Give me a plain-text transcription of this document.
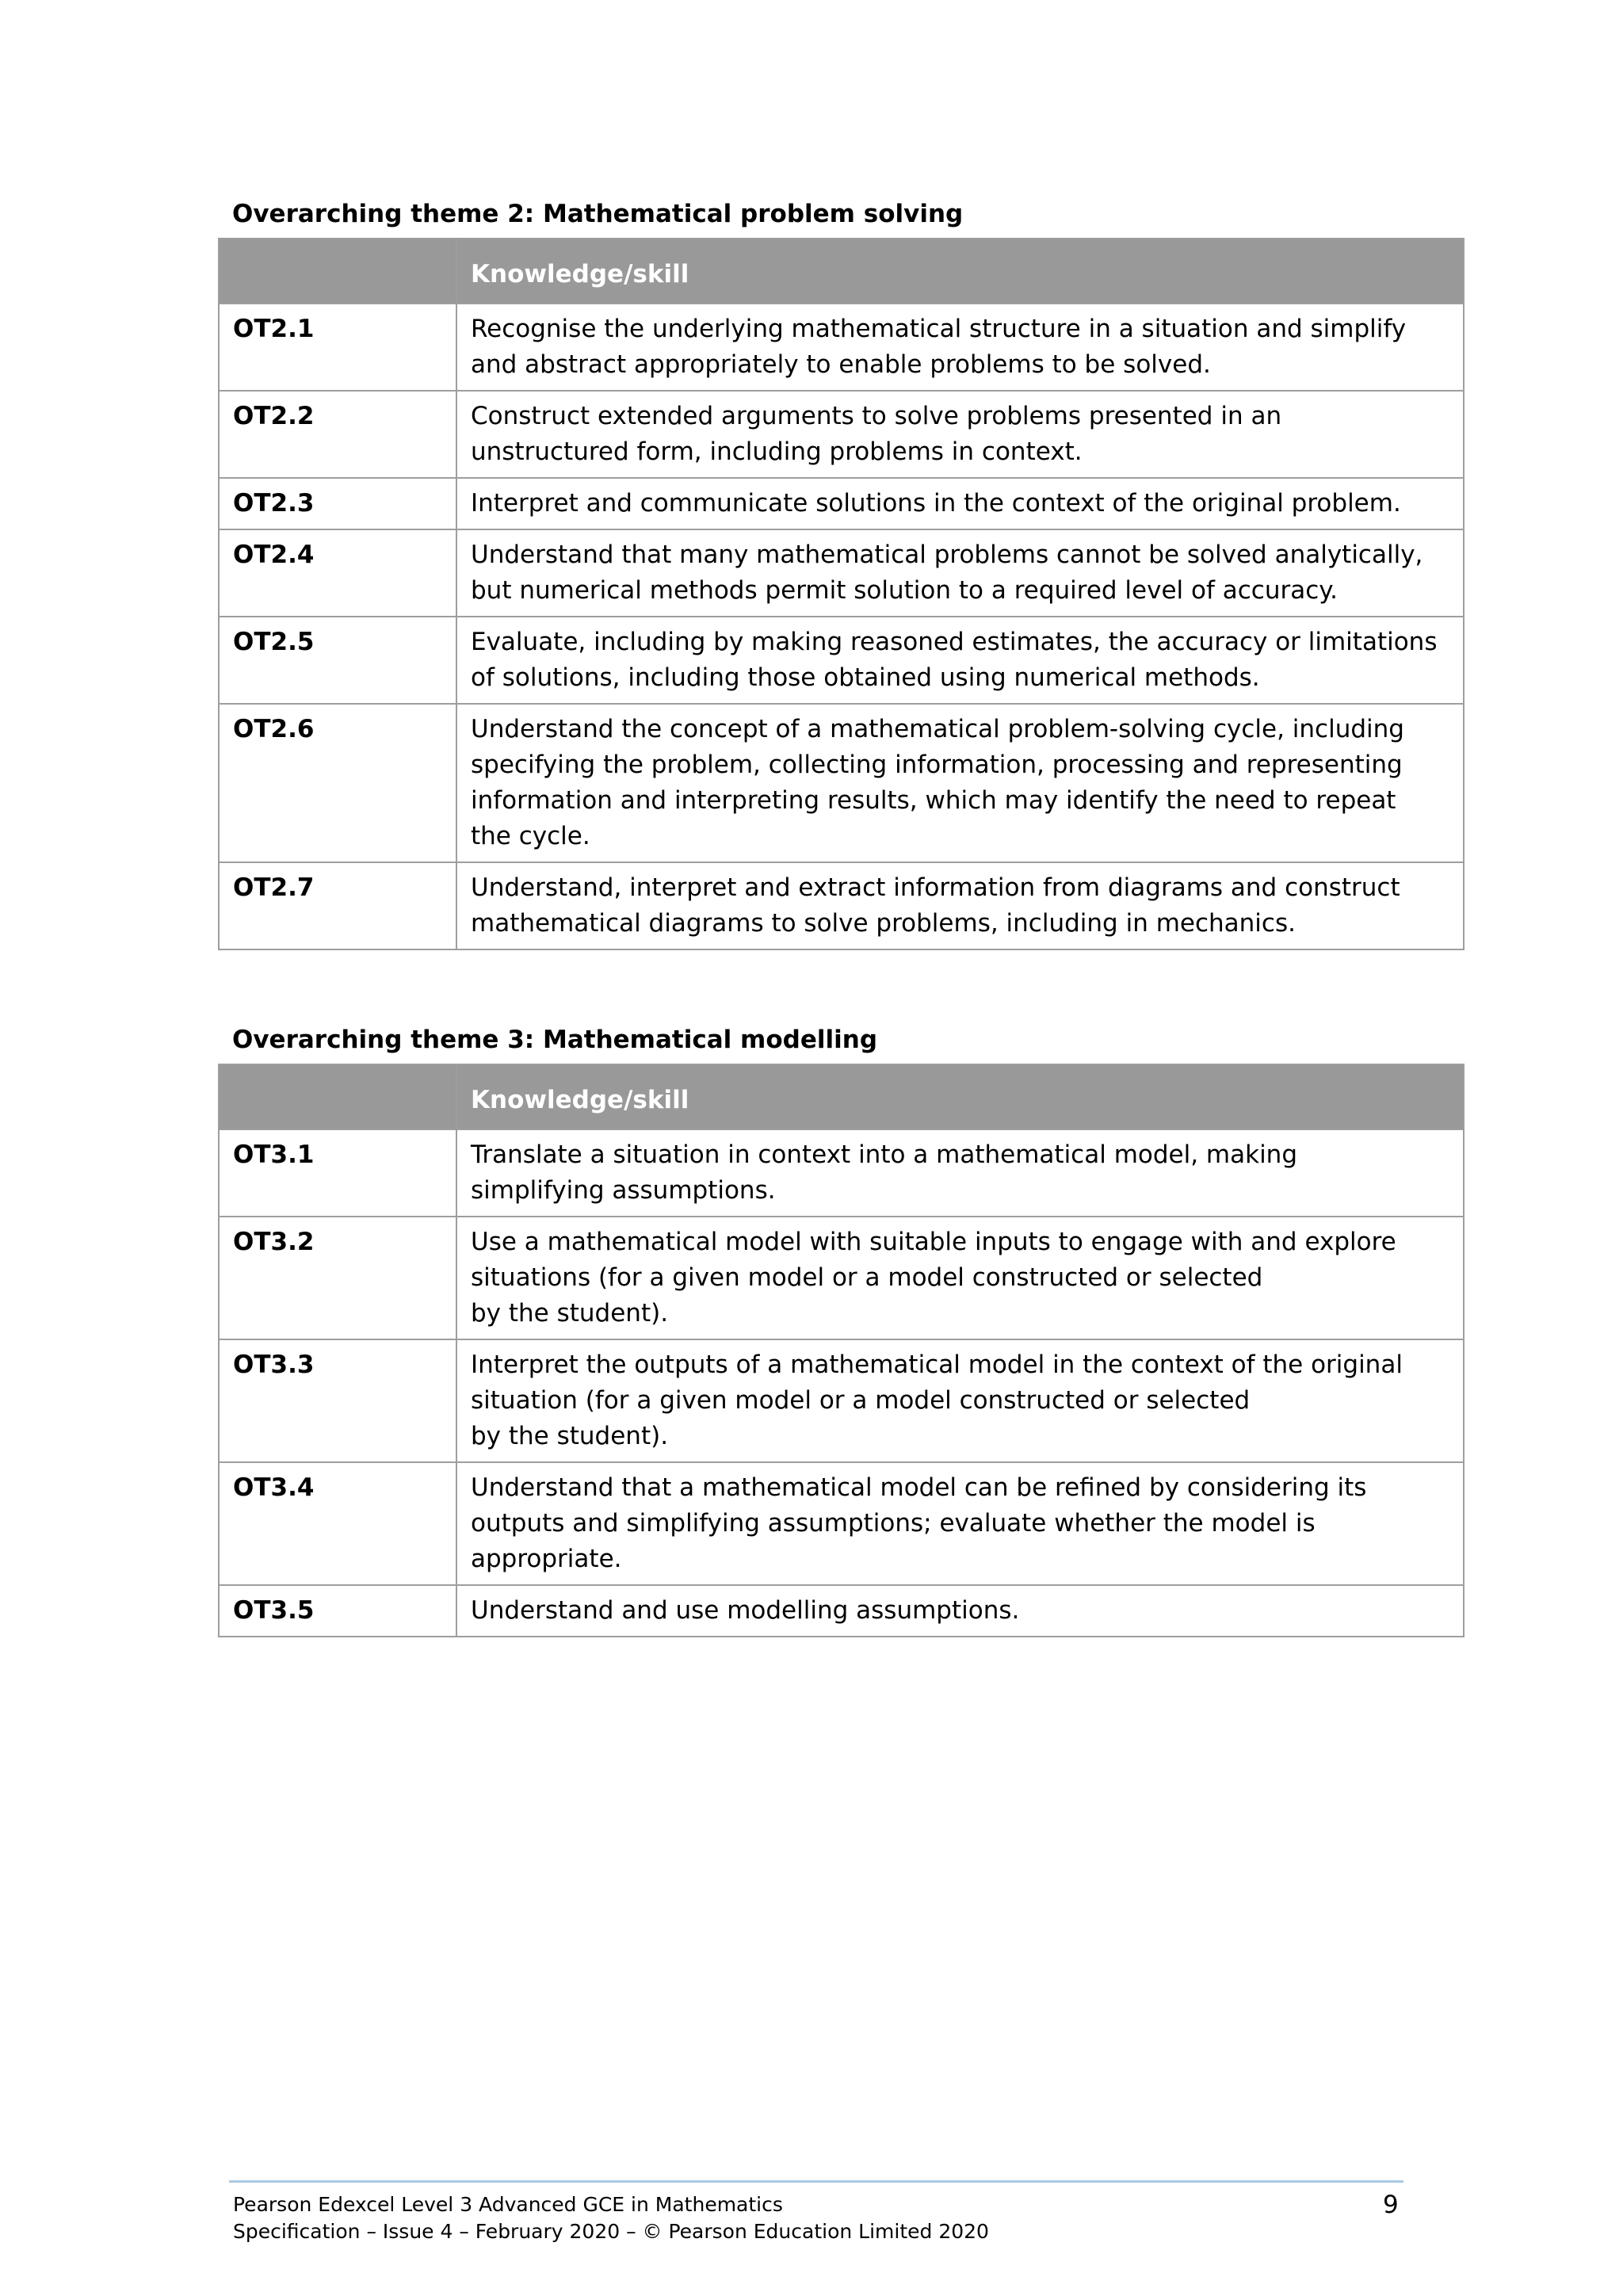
Overarching theme 2: Mathematical problem solving
	Knowledge/skill
OT2.1	Recognise the underlying mathematical structure in a situation and simplify
and abstract appropriately to enable problems to be solved.
OT2.2	Construct extended arguments to solve problems presented in an
unstructured form, including problems in context.
OT2.3	Interpret and communicate solutions in the context of the original problem.
OT2.4	Understand that many mathematical problems cannot be solved analytically,
but numerical methods permit solution to a required level of accuracy.
OT2.5	Evaluate, including by making reasoned estimates, the accuracy or limitations
of solutions, including those obtained using numerical methods.
OT2.6	Understand the concept of a mathematical problem-solving cycle, including
specifying the problem, collecting information, processing and representing
information and interpreting results, which may identify the need to repeat
the cycle.
OT2.7	Understand, interpret and extract information from diagrams and construct
mathematical diagrams to solve problems, including in mechanics.
Overarching theme 3: Mathematical modelling
	Knowledge/skill
OT3.1	Translate a situation in context into a mathematical model, making
simplifying assumptions.
OT3.2	Use a mathematical model with suitable inputs to engage with and explore
situations (for a given model or a model constructed or selected
by the student).
OT3.3	Interpret the outputs of a mathematical model in the context of the original
situation (for a given model or a model constructed or selected
by the student).
OT3.4	Understand that a mathematical model can be refined by considering its
outputs and simplifying assumptions; evaluate whether the model is
appropriate.
OT3.5	Understand and use modelling assumptions.
Pearson Edexcel Level 3 Advanced GCE in Mathematics
Specification – Issue 4 – February 2020 – © Pearson Education Limited 2020
9
